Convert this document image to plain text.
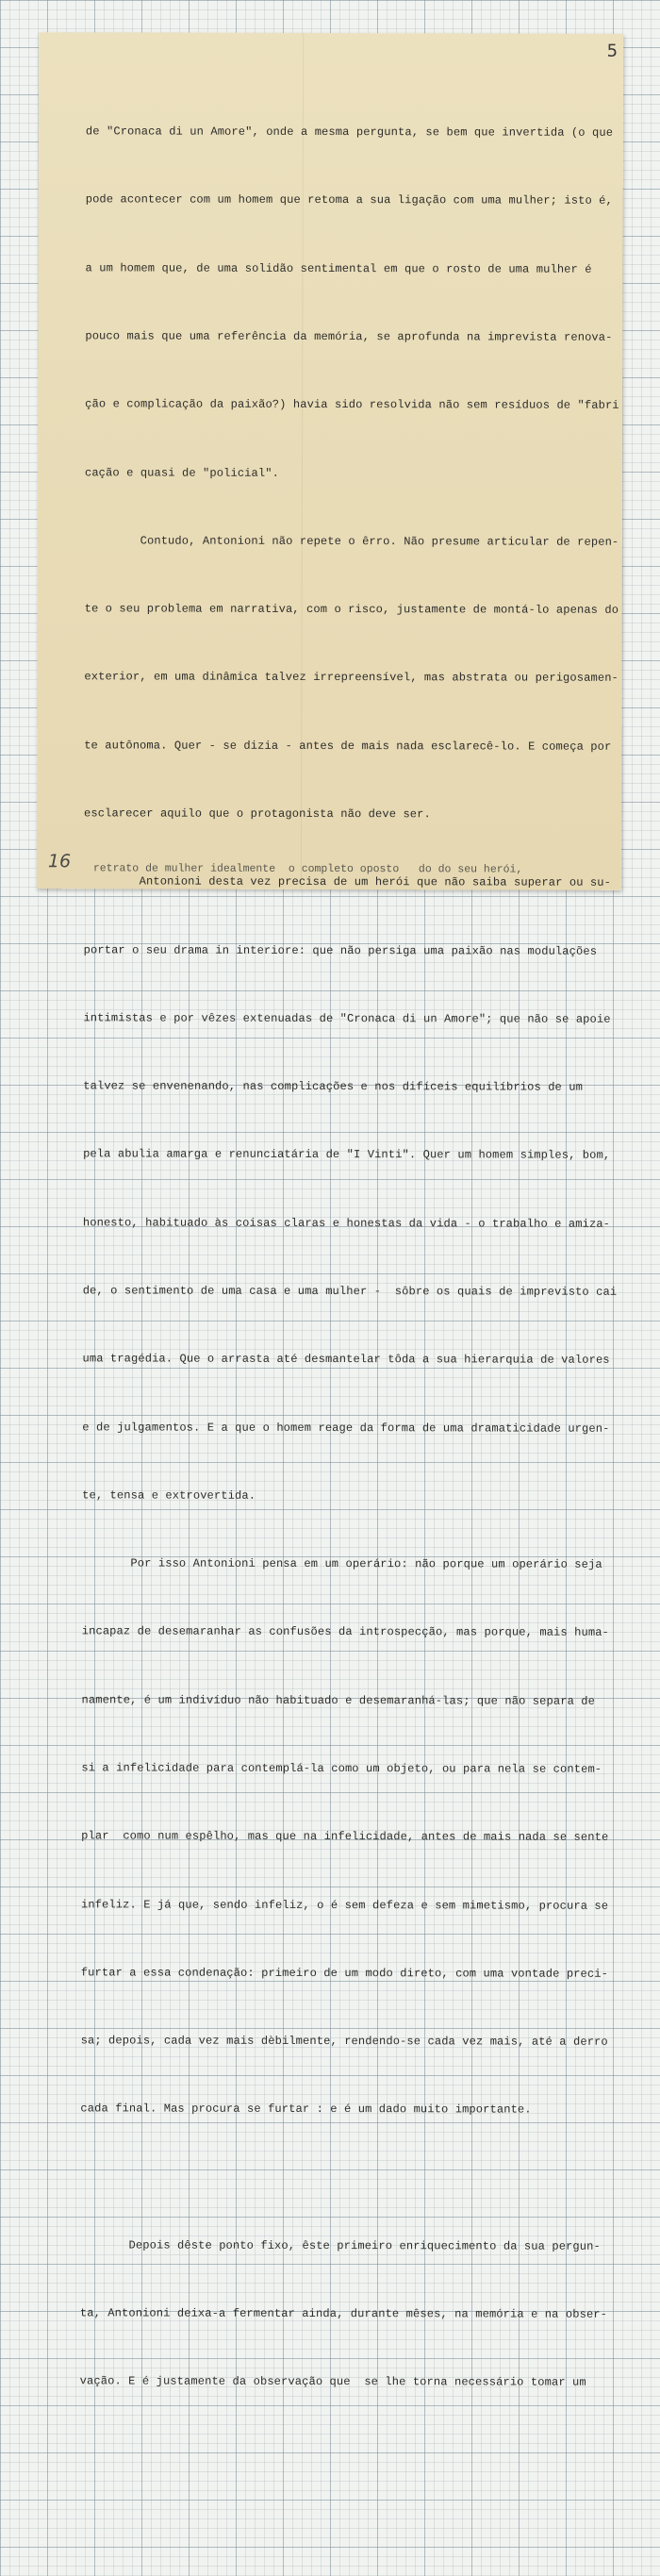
5

de "Cronaca di un Amore", onde a mesma pergunta, se bem que invertida (o que

pode acontecer com um homem que retoma a sua ligação com uma mulher; isto é,

a um homem que, de uma solidão sentimental em que o rosto de uma mulher é

pouco mais que uma referência da memória, se aprofunda na imprevista renova-

ção e complicação da paixão?) havia sido resolvida não sem resíduos de "fabri

cação e quasi de "policial".

Contudo, Antonioni não repete o êrro. Não presume articular de repen-

te o seu problema em narrativa, com o risco, justamente de montá-lo apenas do

exterior, em uma dinâmica talvez irrepreensível, mas abstrata ou perigosamen-

te autônoma. Quer - se dizia - antes de mais nada esclarecê-lo. E começa por

esclarecer aquilo que o protagonista não deve ser.

Antonioni desta vez precisa de um herói que não saiba superar ou su-

portar o seu drama in interiore: que não persiga uma paixão nas modulações

intimistas e por vêzes extenuadas de "Cronaca di un Amore"; que não se apoie

talvez se envenenando, nas complicações e nos difíceis equilíbrios de um

pela abulia amarga e renunciatária de "I Vinti". Quer um homem simples, bom,

honesto, habituado às coisas claras e honestas da vida - o trabalho e amiza-

de, o sentimento de uma casa e uma mulher -  sôbre os quais de imprevisto cai

uma tragédia. Que o arrasta até desmantelar tôda a sua hierarquia de valores

e de julgamentos. E a que o homem reage da forma de uma dramaticidade urgen-

te, tensa e extrovertida.

Por isso Antonioni pensa em um operário: não porque um operário seja

incapaz de desemaranhar as confusões da introspecção, mas porque, mais huma-

namente, é um indivíduo não habituado e desemaranhá-las; que não separa de

si a infelicidade para contemplá-la como um objeto, ou para nela se contem-

plar  como num espêlho, mas que na infelicidade, antes de mais nada se sente

infeliz. E já que, sendo infeliz, o é sem defeza e sem mimetismo, procura se

furtar a essa condenação: primeiro de um modo direto, com uma vontade preci-

sa; depois, cada vez mais dèbilmente, rendendo-se cada vez mais, até a derro

cada final. Mas procura se furtar : e é um dado muito importante.

Depois dêste ponto fixo, êste primeiro enriquecimento da sua pergun-

ta, Antonioni deixa-a fermentar ainda, durante mêses, na memória e na obser-

vação. E é justamente da observação que  se lhe torna necessário tomar um

retrato de mulher idealmente  o completo oposto   do do seu herói,
16
